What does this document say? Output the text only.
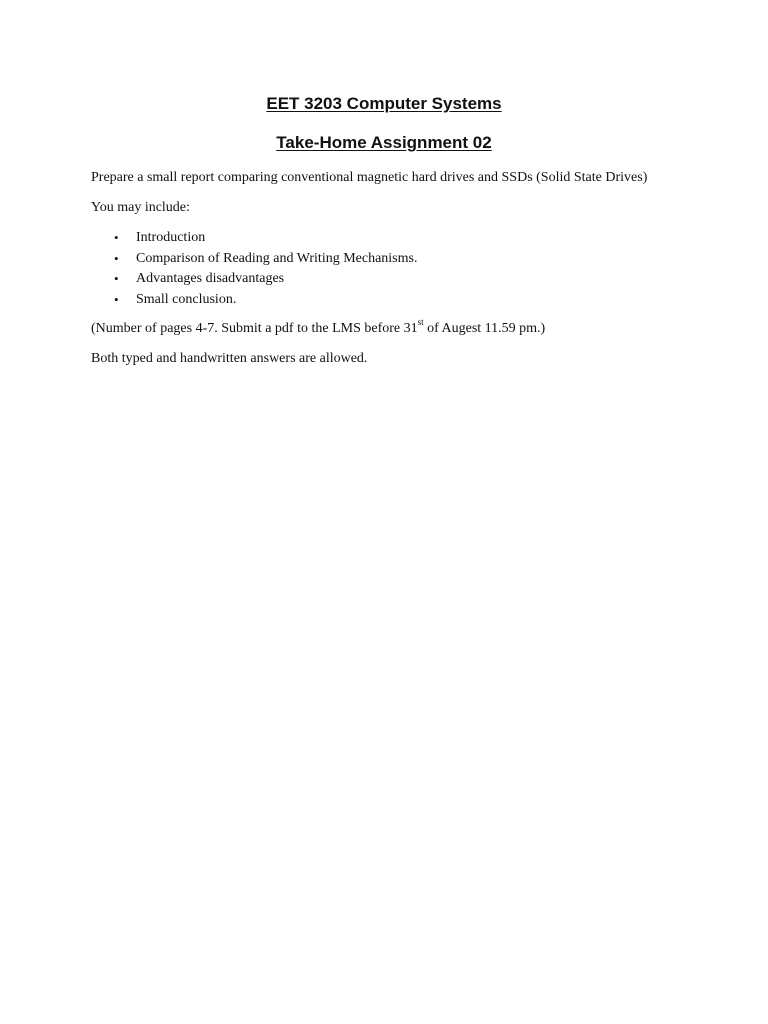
EET 3203 Computer Systems
Take-Home Assignment 02

Prepare a small report comparing conventional magnetic hard drives and SSDs (Solid State Drives)

You may include:

• Introduction
• Comparison of Reading and Writing Mechanisms.
• Advantages disadvantages
• Small conclusion.

(Number of pages 4-7. Submit a pdf to the LMS before 31st of Augest 11.59 pm.)

Both typed and handwritten answers are allowed.
